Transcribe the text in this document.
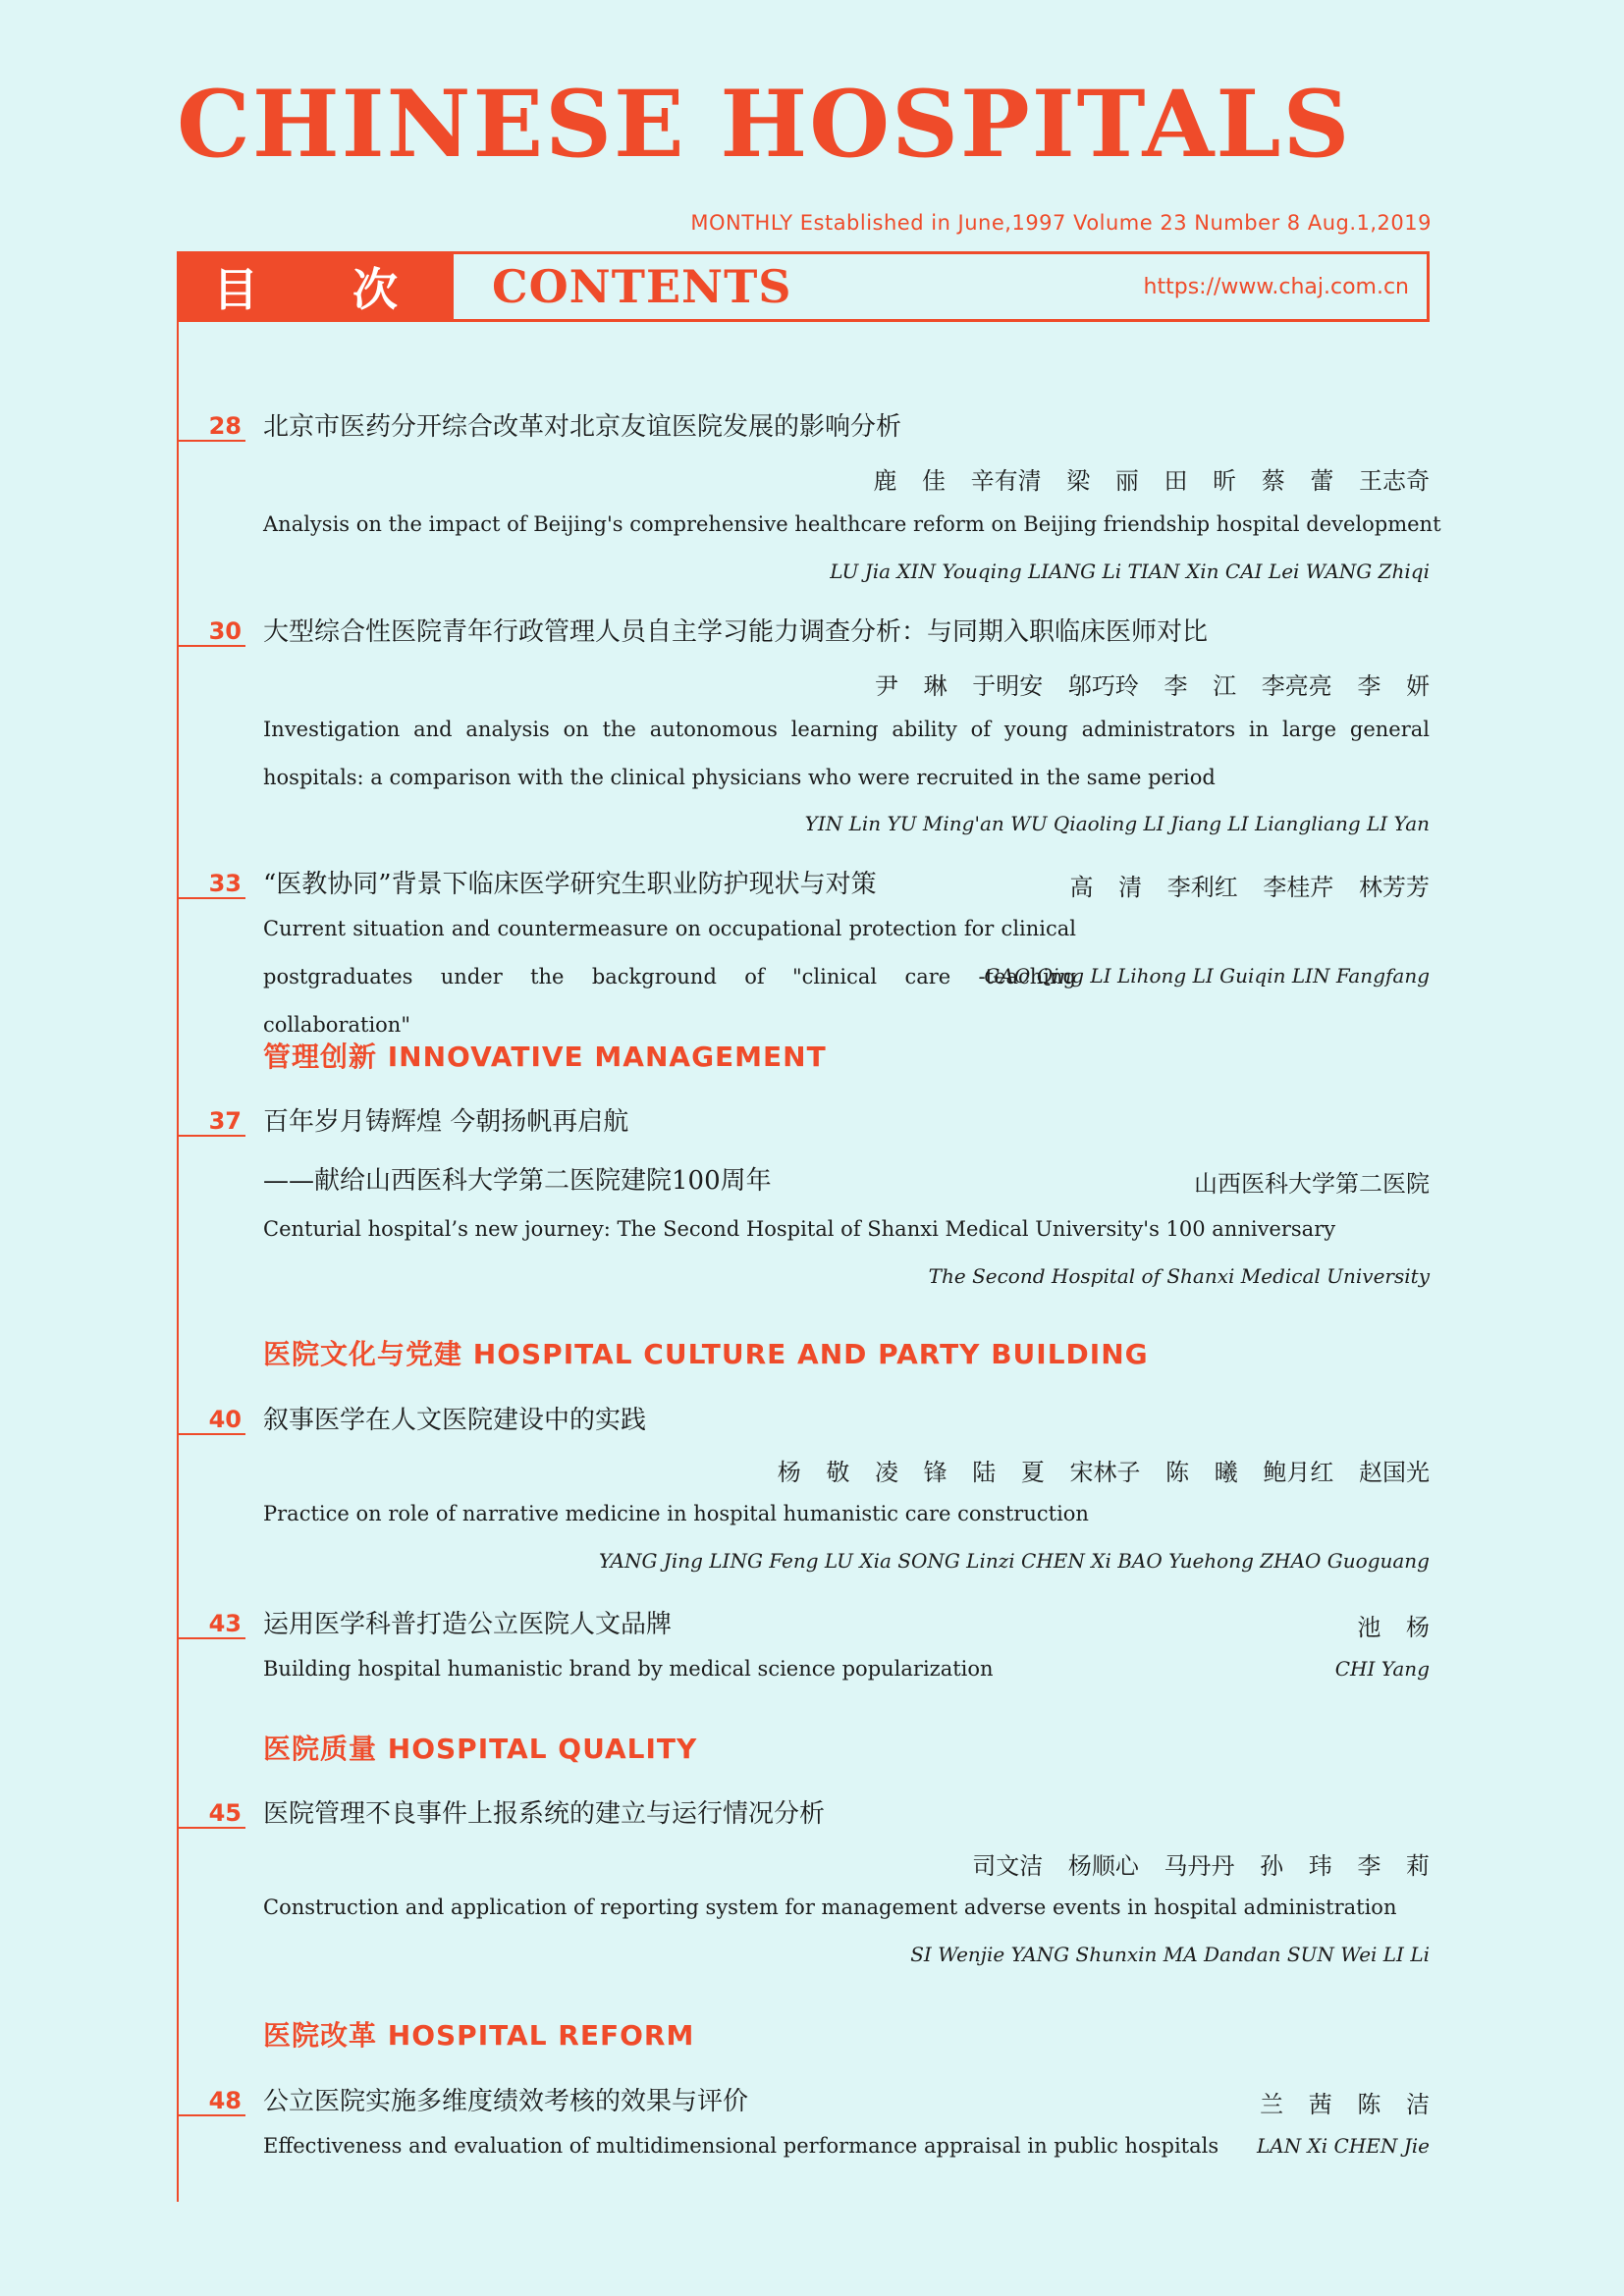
CHINESE HOSPITALS
MONTHLY Established in June,1997 Volume 23 Number 8 Aug.1,2019
目 次	CONTENTS	https://www.chaj.com.cn
28 北京市医药分开综合改革对北京友谊医院发展的影响分析
鹿 佳 辛有清 梁 丽 田 昕 蔡 蕾 王志奇
Analysis on the impact of Beijing's comprehensive healthcare reform on Beijing friendship hospital development
LU Jia XIN Youqing LIANG Li TIAN Xin CAI Lei WANG Zhiqi
30 大型综合性医院青年行政管理人员自主学习能力调查分析：与同期入职临床医师对比
尹 琳 于明安 邬巧玲 李 江 李亮亮 李 妍
Investigation and analysis on the autonomous learning ability of young administrators in large general hospitals: a comparison with the clinical physicians who were recruited in the same period
YIN Lin YU Ming'an WU Qiaoling LI Jiang LI Liangliang LI Yan
33 “医教协同”背景下临床医学研究生职业防护现状与对策	高 清 李利红 李桂芹 林芳芳
Current situation and countermeasure on occupational protection for clinical postgraduates under the background of "clinical care -teaching collaboration"
GAO Qing LI Lihong LI Guiqin LIN Fangfang
管理创新 INNOVATIVE MANAGEMENT
37 百年岁月铸辉煌 今朝扬帆再启航
——献给山西医科大学第二医院建院100周年	山西医科大学第二医院
Centurial hospital’s new journey: The Second Hospital of Shanxi Medical University's 100 anniversary
The Second Hospital of Shanxi Medical University
医院文化与党建 HOSPITAL CULTURE AND PARTY BUILDING
40 叙事医学在人文医院建设中的实践
杨 敬 凌 锋 陆 夏 宋林子 陈 曦 鲍月红 赵国光
Practice on role of narrative medicine in hospital humanistic care construction
YANG Jing LING Feng LU Xia SONG Linzi CHEN Xi BAO Yuehong ZHAO Guoguang
43 运用医学科普打造公立医院人文品牌	池 杨
Building hospital humanistic brand by medical science popularization	CHI Yang
医院质量 HOSPITAL QUALITY
45 医院管理不良事件上报系统的建立与运行情况分析
司文洁 杨顺心 马丹丹 孙 玮 李 莉
Construction and application of reporting system for management adverse events in hospital administration
SI Wenjie YANG Shunxin MA Dandan SUN Wei LI Li
医院改革 HOSPITAL REFORM
48 公立医院实施多维度绩效考核的效果与评价	兰 茜 陈 洁
Effectiveness and evaluation of multidimensional performance appraisal in public hospitals	LAN Xi CHEN Jie
